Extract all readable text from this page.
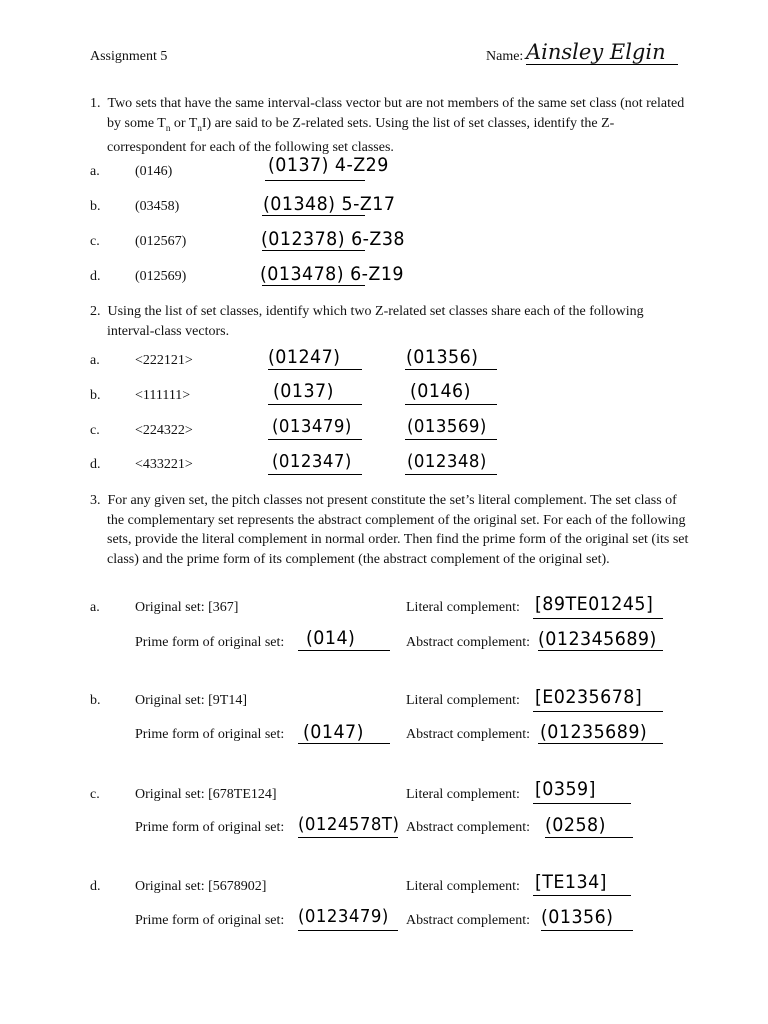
Assignment 5	Name: Ainsley Elgin
1. Two sets that have the same interval-class vector but are not members of the same set class (not related by some $T_n$ or $T_nI$) are said to be Z-related sets. Using the list of set classes, identify the Z-correspondent for each of the following set classes.
a.	(0146)	(0137) 4-Z29
b. (03458)	(01348) 5-Z17
c.	(012567)	(012378) 6-Z38
d. (012569)	(013478) 6-Z19
2. Using the list of set classes, identify which two Z-related set classes share each of the following interval-class vectors.
a.	<222121>	(01247)	(01356)
b. <111111>	(0137)	(0146)
c.	<224322>	(013479)	(013569)
d. <433221>	(012347)	(012348)
3. For any given set, the pitch classes not present constitute the set’s literal complement. The set class of the complementary set represents the abstract complement of the original set. For each of the following sets, provide the literal complement in normal order. Then find the prime form of the original set (its set class) and the prime form of its complement (the abstract complement of the original set).
a.	Original set: [367]	Literal complement: [89TE01245]
Prime form of original set: (014)	Abstract complement: (012345689)
b. Original set: [9T14]	Literal complement: [E0235678]
Prime form of original set: (0147)	Abstract complement: (01235689)
c.	Original set: [678TE124]	Literal complement: [0359]
Prime form of original set: (0124578T) Abstract complement: (0258)
d. Original set: [5678902]	Literal complement: [TE134]
Prime form of original set: (0123479) Abstract complement: (01356)
